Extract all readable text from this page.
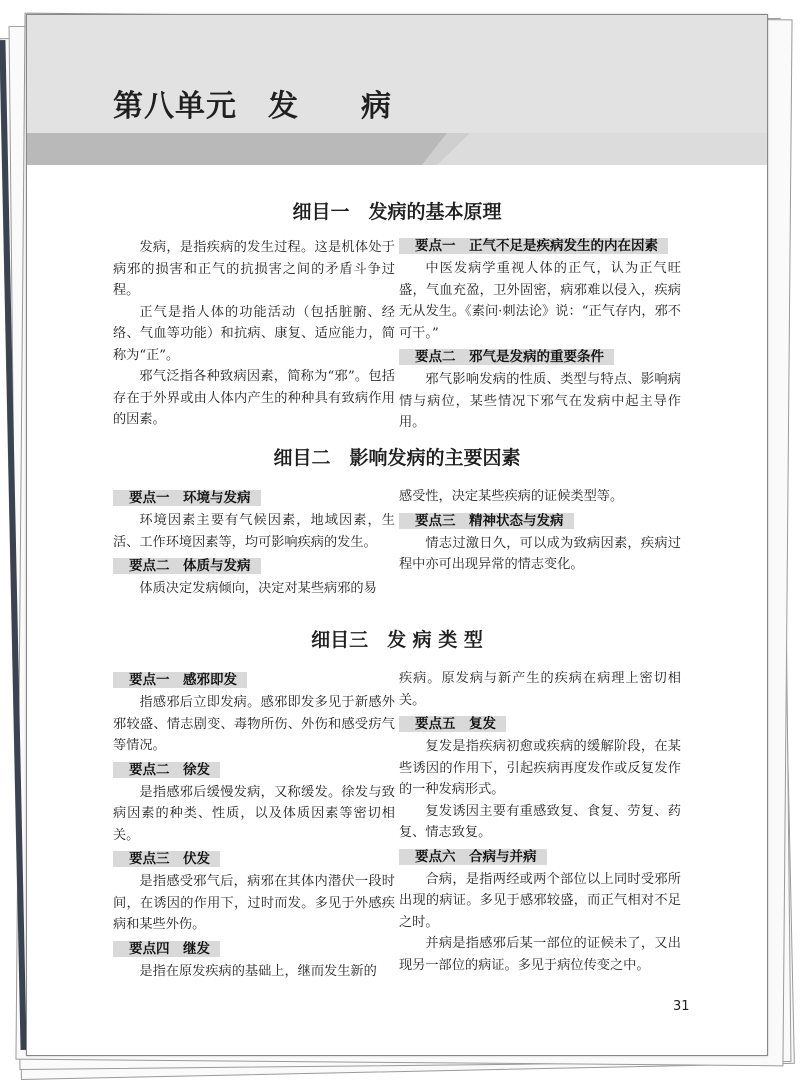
第八单元　发　　病
细目一　发病的基本原理

发病，是指疾病的发生过程。这是机体处于病邪的损害和正气的抗损害之间的矛盾斗争过程。

正气是指人体的功能活动（包括脏腑、经络、气血等功能）和抗病、康复、适应能力，简称为“正”。

邪气泛指各种致病因素，简称为“邪”。包括存在于外界或由人体内产生的种种具有致病作用的因素。

要点一　正气不足是疾病发生的内在因素

中医发病学重视人体的正气，认为正气旺盛，气血充盈，卫外固密，病邪难以侵入，疾病无从发生。《素问·刺法论》说：“正气存内，邪不可干。”

要点二　邪气是发病的重要条件

邪气影响发病的性质、类型与特点、影响病情与病位，某些情况下邪气在发病中起主导作用。

细目二　影响发病的主要因素
要点一　环境与发病

环境因素主要有气候因素，地域因素，生活、工作环境因素等，均可影响疾病的发生。

要点二　体质与发病

体质决定发病倾向，决定对某些病邪的易

感受性，决定某些疾病的证候类型等。

要点三　精神状态与发病

情志过激日久，可以成为致病因素，疾病过程中亦可出现异常的情志变化。

细目三　发 病 类 型
要点一　感邪即发

指感邪后立即发病。感邪即发多见于新感外邪较盛、情志剧变、毒物所伤、外伤和感受疠气等情况。

要点二　徐发

是指感邪后缓慢发病，又称缓发。徐发与致病因素的种类、性质，以及体质因素等密切相关。

要点三　伏发

是指感受邪气后，病邪在其体内潜伏一段时间，在诱因的作用下，过时而发。多见于外感疾病和某些外伤。

要点四　继发

是指在原发疾病的基础上，继而发生新的

疾病。原发病与新产生的疾病在病理上密切相关。

要点五　复发

复发是指疾病初愈或疾病的缓解阶段，在某些诱因的作用下，引起疾病再度发作或反复发作的一种发病形式。

复发诱因主要有重感致复、食复、劳复、药复、情志致复。

要点六　合病与并病

合病，是指两经或两个部位以上同时受邪所出现的病证。多见于感邪较盛，而正气相对不足之时。

并病是指感邪后某一部位的证候未了，又出现另一部位的病证。多见于病位传变之中。

31
